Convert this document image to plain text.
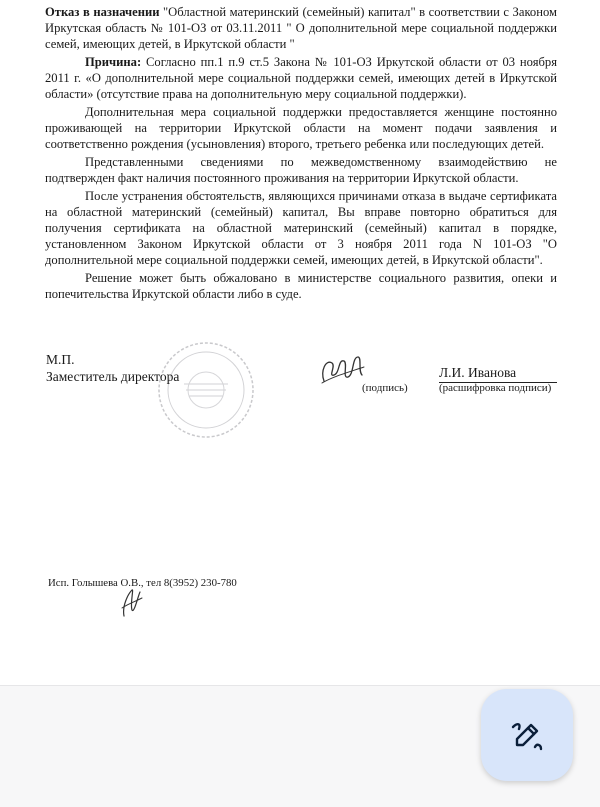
Отказ в назначении "Областной материнский (семейный) капитал" в соответствии с Законом Иркутская область № 101-ОЗ от 03.11.2011 " О дополнительной мере социальной поддержки семей, имеющих детей, в Иркутской области "

Причина: Согласно пп.1 п.9 ст.5 Закона № 101-ОЗ Иркутской области от 03 ноября 2011 г. «О дополнительной мере социальной поддержки семей, имеющих детей в Иркутской области» (отсутствие права на дополнительную меру социальной поддержки).

Дополнительная мера социальной поддержки предоставляется женщине постоянно проживающей на территории Иркутской области на момент подачи заявления и соответственно рождения (усыновления) второго, третьего ребенка или последующих детей.

Представленными сведениями по межведомственному взаимодействию не подтвержден факт наличия постоянного проживания на территории Иркутской области.

После устранения обстоятельств, являющихся причинами отказа в выдаче сертификата на областной материнский (семейный) капитал, Вы вправе повторно обратиться для получения сертификата на областной материнский (семейный) капитал в порядке, установленном Законом Иркутской области от 3 ноября 2011 года N 101-ОЗ "О дополнительной мере социальной поддержки семей, имеющих детей, в Иркутской области".

Решение может быть обжаловано в министерстве социального развития, опеки и попечительства Иркутской области либо в суде.

М.П.
Заместитель директора
(подпись)
Л.И. Иванова
(расшифровка подписи)
Исп. Голышева О.В., тел 8(3952) 230-780
